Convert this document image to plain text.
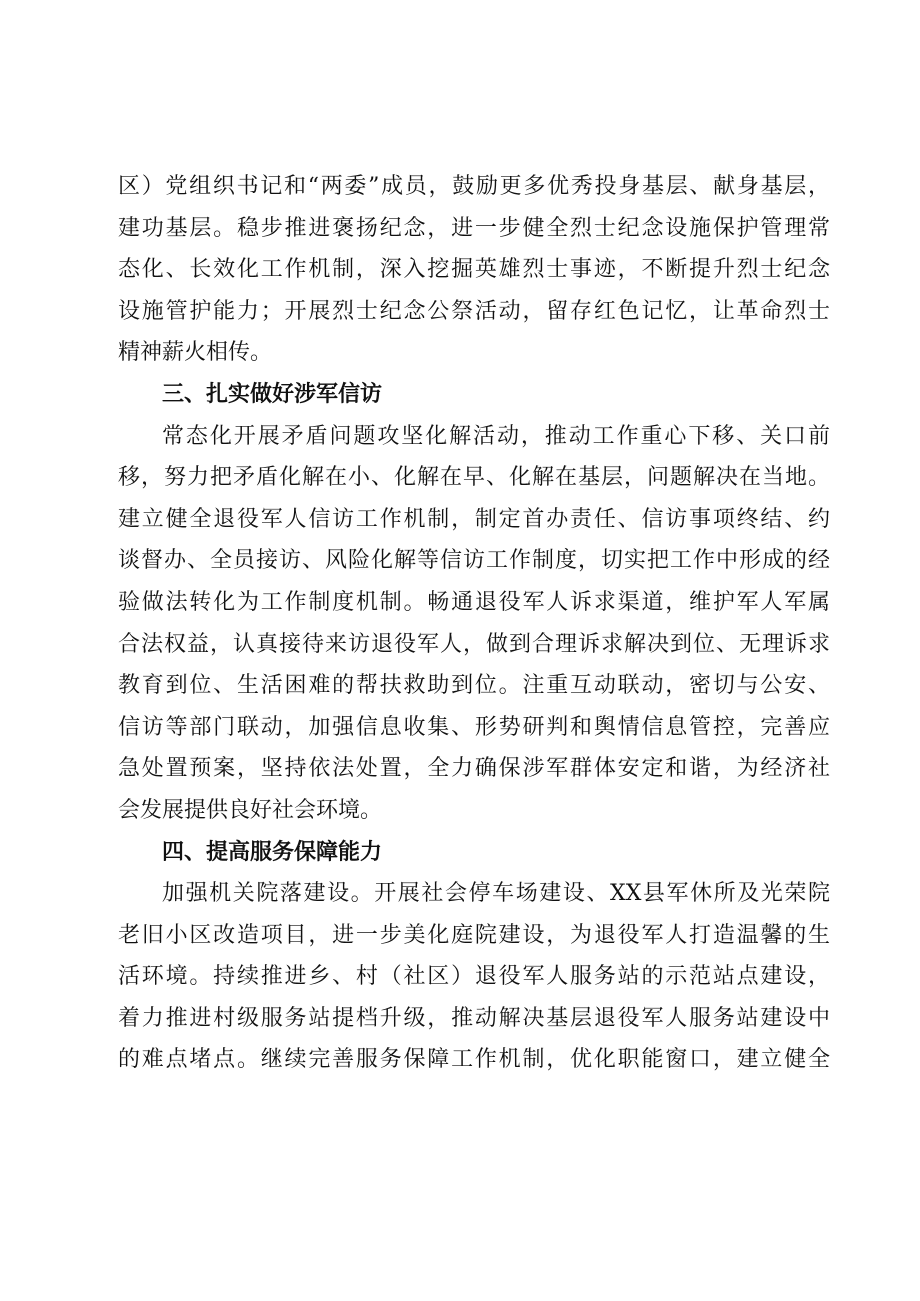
区）党组织书记和“两委”成员，鼓励更多优秀投身基层、献身基层，
建功基层。稳步推进褒扬纪念，进一步健全烈士纪念设施保护管理常
态化、长效化工作机制，深入挖掘英雄烈士事迹，不断提升烈士纪念
设施管护能力；开展烈士纪念公祭活动，留存红色记忆，让革命烈士
精神薪火相传。
三、扎实做好涉军信访
常态化开展矛盾问题攻坚化解活动，推动工作重心下移、关口前
移，努力把矛盾化解在小、化解在早、化解在基层，问题解决在当地。
建立健全退役军人信访工作机制，制定首办责任、信访事项终结、约
谈督办、全员接访、风险化解等信访工作制度，切实把工作中形成的经
验做法转化为工作制度机制。畅通退役军人诉求渠道，维护军人军属
合法权益，认真接待来访退役军人，做到合理诉求解决到位、无理诉求
教育到位、生活困难的帮扶救助到位。注重互动联动，密切与公安、
信访等部门联动，加强信息收集、形势研判和舆情信息管控，完善应
急处置预案，坚持依法处置，全力确保涉军群体安定和谐，为经济社
会发展提供良好社会环境。
四、提高服务保障能力
加强机关院落建设。开展社会停车场建设、XX县军休所及光荣院
老旧小区改造项目，进一步美化庭院建设，为退役军人打造温馨的生
活环境。持续推进乡、村（社区）退役军人服务站的示范站点建设，
着力推进村级服务站提档升级，推动解决基层退役军人服务站建设中
的难点堵点。继续完善服务保障工作机制，优化职能窗口，建立健全
